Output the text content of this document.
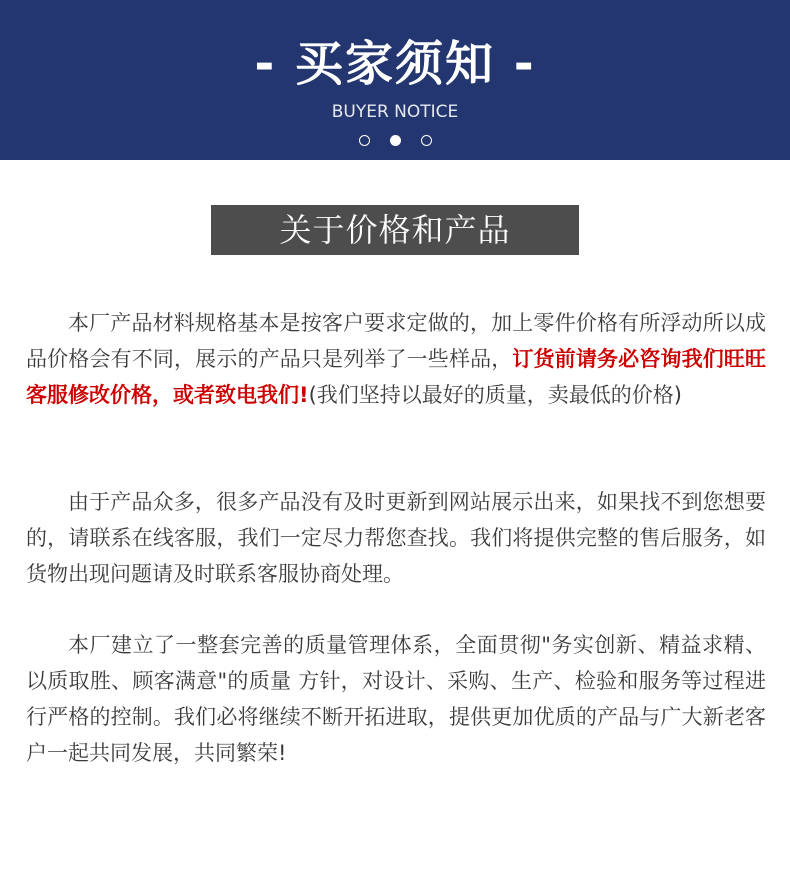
- 买家须知 -
BUYER NOTICE
关于价格和产品

本厂产品材料规格基本是按客户要求定做的，加上零件价格有所浮动所以成品价格会有不同，展示的产品只是列举了一些样品，订货前请务必咨询我们旺旺客服修改价格，或者致电我们!(我们坚持以最好的质量，卖最低的价格)

由于产品众多，很多产品没有及时更新到网站展示出来，如果找不到您想要的，请联系在线客服，我们一定尽力帮您查找。我们将提供完整的售后服务，如货物出现问题请及时联系客服协商处理。

本厂建立了一整套完善的质量管理体系，全面贯彻"务实创新、精益求精、以质取胜、顾客满意"的质量 方针，对设计、采购、生产、检验和服务等过程进行严格的控制。我们必将继续不断开拓进取，提供更加优质的产品与广大新老客户一起共同发展，共同繁荣!
